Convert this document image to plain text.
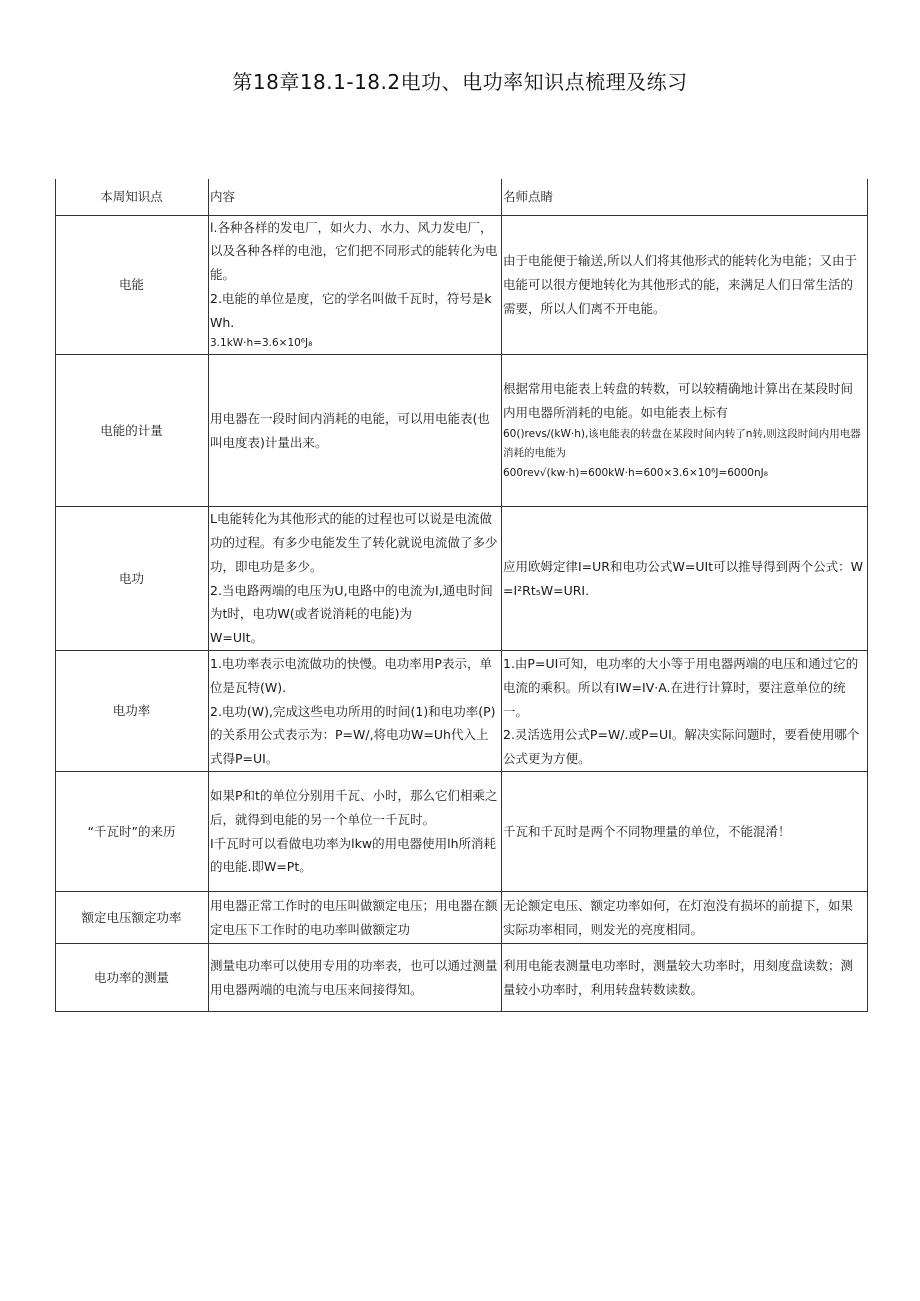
第18章18.1-18.2电功、电功率知识点梳理及练习
本周知识点	内容	名师点睛
电能	l.各种各样的发电厂，如火力、水力、风力发电厂，以及各种各样的电池，它们把不同形式的能转化为电能。
2.电能的单位是度，它的学名叫做千瓦时，符号是kWh.
3.1kW·h=3.6×10⁶J₈	由于电能便于输送,所以人们将其他形式的能转化为电能；又由于电能可以很方便地转化为其他形式的能，来满足人们日常生活的需要，所以人们离不开电能。

电能的计量	用电器在一段时间内消耗的电能，可以用电能表(也叫电度表)计量出来。	根据常用电能表上转盘的转数，可以较精确地计算出在某段时间内用电器所消耗的电能。如电能表上标有
60()revs∕(kW·h),该电能表的转盘在某段时间内转了n转,则这段时间内用电器消耗的电能为
600rev√(kw·h)=600kW·h=600×3.6×10⁶J=6000nJ₈

电功	L电能转化为其他形式的能的过程也可以说是电流做功的过程。有多少电能发生了转化就说电流做了多少功，即电功是多少。
2.当电路两端的电压为U,电路中的电流为I,通电时间为t时，电功W(或者说消耗的电能)为
W=UIt。	应用欧姆定律I=UR和电功公式W=UIt可以推导得到两个公式：W=I²Rt₅W=URI.

电功率	1.电功率表示电流做功的快慢。电功率用P表示，单位是瓦特(W).
2.电功(W),完成这些电功所用的时间(1)和电功率(P)的关系用公式表示为：P=W/,将电功W=Uh代入上式得P=UI。	1.由P=UI可知，电功率的大小等于用电器两端的电压和通过它的电流的乘积。所以有IW=IV·A.在进行计算时，要注意单位的统一。
2.灵活选用公式P=W/.或P=UI。解决实际问题时，要看使用哪个公式更为方便。

“千瓦时”的来历	如果P和t的单位分别用千瓦、小时，那么它们相乘之后，就得到电能的另一个单位一千瓦时。
I千瓦时可以看做电功率为lkw的用电器使用lh所消耗的电能.即W=Pt。	千瓦和千瓦时是两个不同物理量的单位，不能混淆！

额定电压额定功率	用电器正常工作时的电压叫做额定电压；用电器在额定电压下工作时的电功率叫做额定功	无论额定电压、额定功率如何，在灯泡没有损坏的前提下，如果实际功率相同，则发光的亮度相同。

电功率的测量	测量电功率可以使用专用的功率表，也可以通过测量用电器两端的电流与电压来间接得知。	利用电能表测量电功率时，测量较大功率时，用刻度盘读数；测量较小功率时，利用转盘转数读数。
